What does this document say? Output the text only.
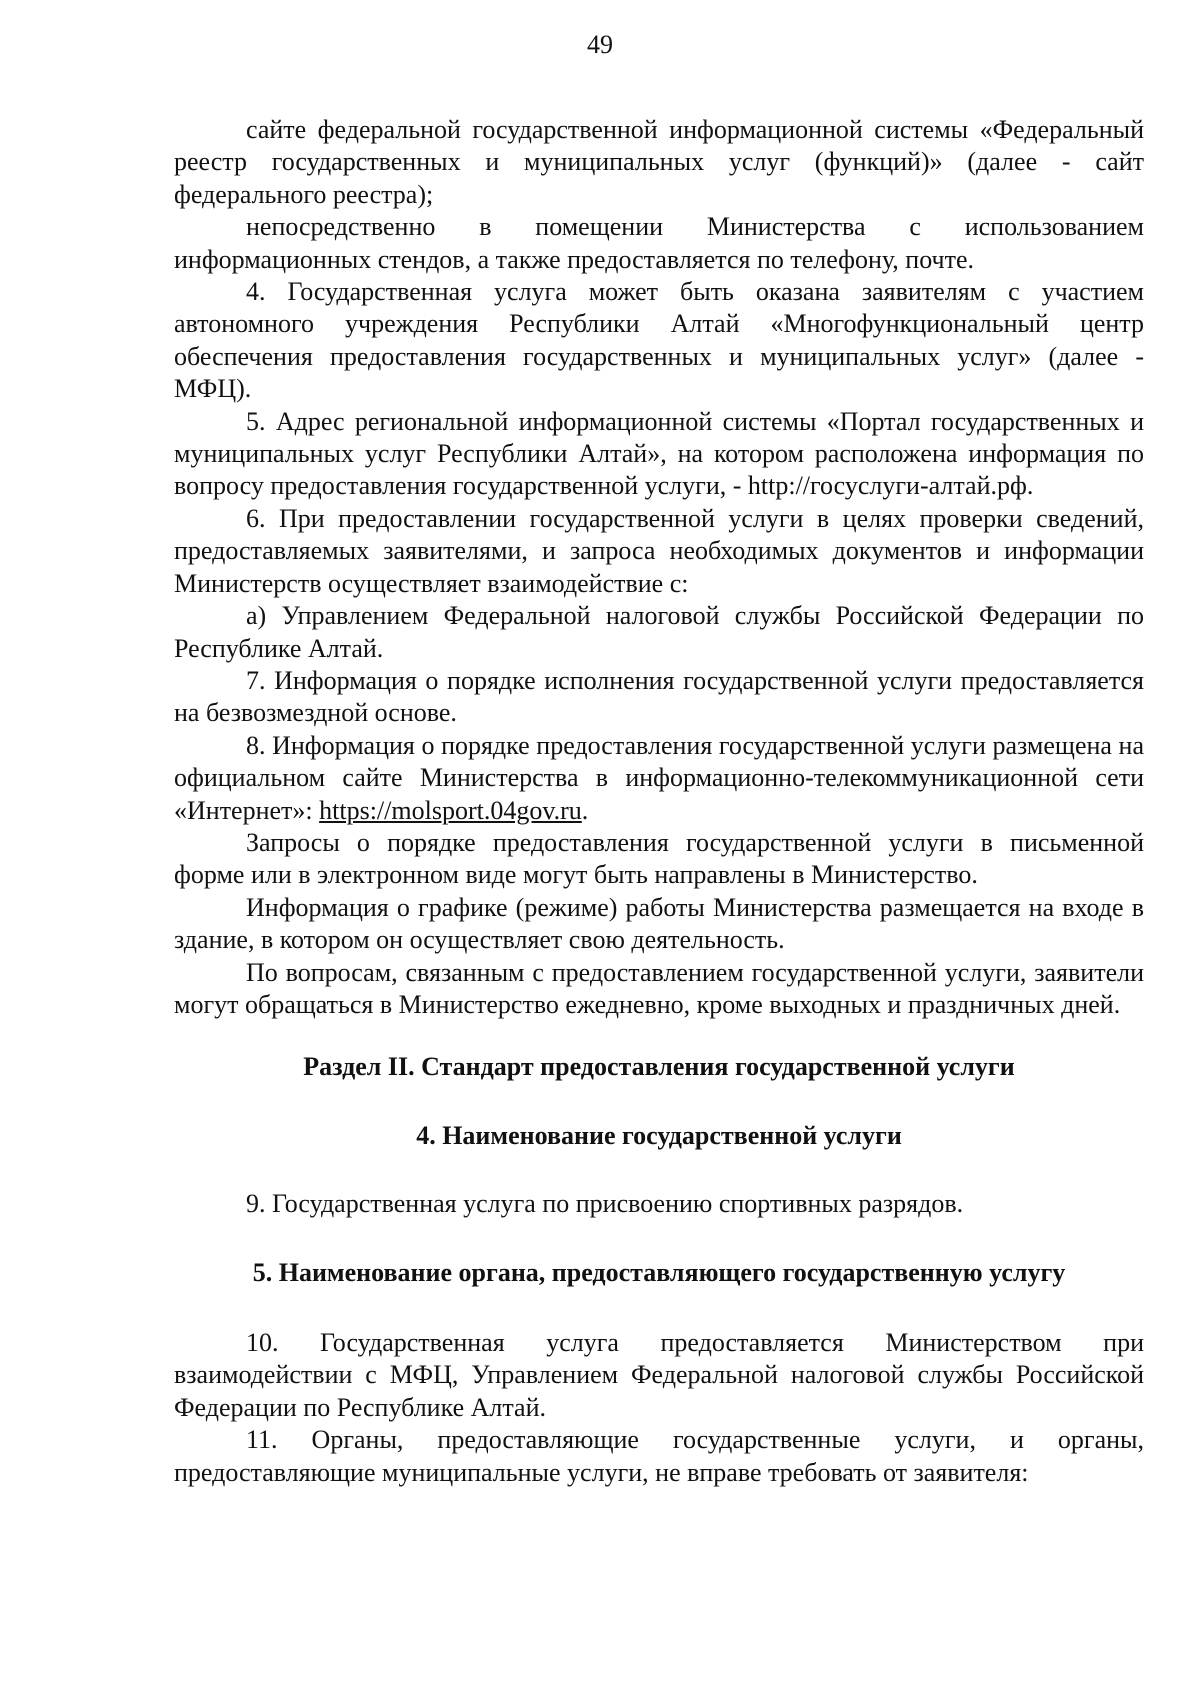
49

сайте федеральной государственной информационной системы «Федеральный реестр государственных и муниципальных услуг (функций)» (далее - сайт федерального реестра);

непосредственно в помещении Министерства с использованием информационных стендов, а также предоставляется по телефону, почте.

4. Государственная услуга может быть оказана заявителям с участием автономного учреждения Республики Алтай «Многофункциональный центр обеспечения предоставления государственных и муниципальных услуг» (далее - МФЦ).

5. Адрес региональной информационной системы «Портал государственных и муниципальных услуг Республики Алтай», на котором расположена информация по вопросу предоставления государственной услуги, - http://госуслуги-алтай.рф.

6. При предоставлении государственной услуги в целях проверки сведений, предоставляемых заявителями, и запроса необходимых документов и информации Министерств осуществляет взаимодействие с:

а) Управлением Федеральной налоговой службы Российской Федерации по Республике Алтай.

7. Информация о порядке исполнения государственной услуги предоставляется на безвозмездной основе.

8. Информация о порядке предоставления государственной услуги размещена на официальном сайте Министерства в информационно-телекоммуникационной сети «Интернет»: https://molsport.04gov.ru.

Запросы о порядке предоставления государственной услуги в письменной форме или в электронном виде могут быть направлены в Министерство.

Информация о графике (режиме) работы Министерства размещается на входе в здание, в котором он осуществляет свою деятельность.

По вопросам, связанным с предоставлением государственной услуги, заявители могут обращаться в Министерство ежедневно, кроме выходных и праздничных дней.

Раздел II. Стандарт предоставления государственной услуги

4. Наименование государственной услуги

9. Государственная услуга по присвоению спортивных разрядов.

5. Наименование органа, предоставляющего государственную услугу

10. Государственная услуга предоставляется Министерством при взаимодействии с МФЦ, Управлением Федеральной налоговой службы Российской Федерации по Республике Алтай.

11. Органы, предоставляющие государственные услуги, и органы, предоставляющие муниципальные услуги, не вправе требовать от заявителя:
